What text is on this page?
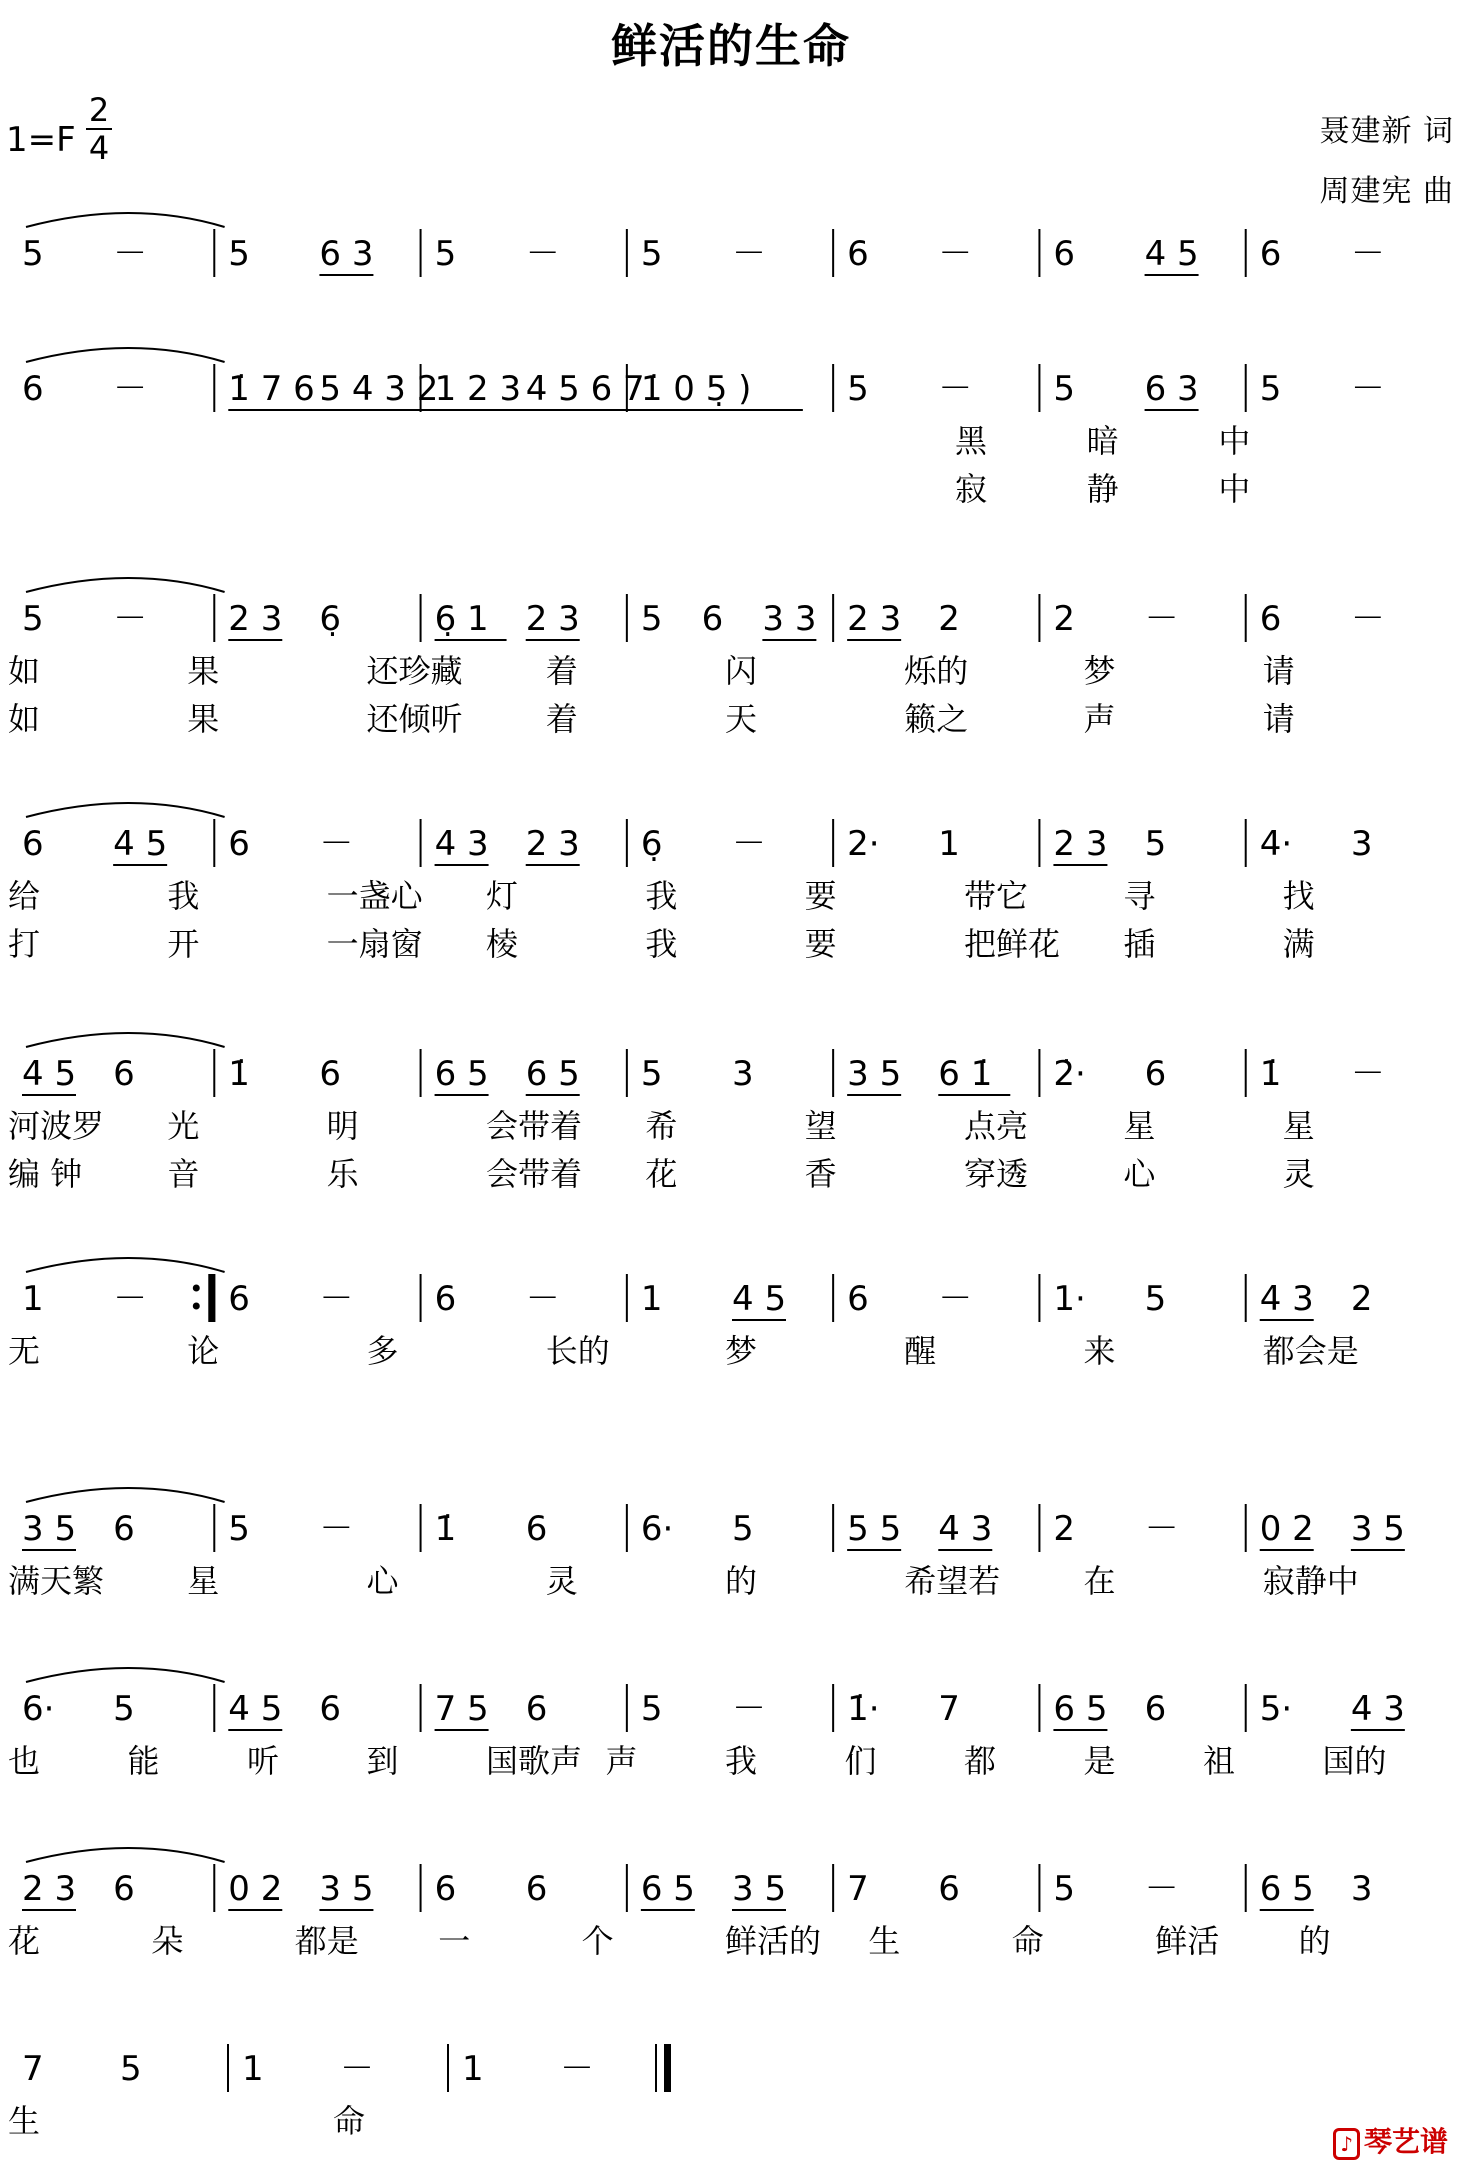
鲜活的生命
1=F
2
4	聂建新 词
周建宪 曲
5 － 5 6 3 5 － 5 － 6 － 6 4 5 6 －
6 － 1̇ 7 6 5 4 3 2
1 2 3 4 5 6 7
1̇ 0 5̣ )	5 － 5 6 3 5 －
黑	暗	中
寂	静	中
5 － 2 3 6̣	6̣ 1 2 3 5 6 3 3 2 3 2	2 － 6 －
如	果	还珍藏	着	闪	烁的	梦	请
如	果	还倾听	着	天	籁之	声	请
6 4 5 6 － 4 3 2 3 6̣ － 2· 1	2 3 5	4· 3
给	我	一盏心 灯	我	要	带它	寻	找
打	开	一扇窗 棱	我	要	把鲜花 插	满
4 5 6	1̇ 6	6 5 6 5 5 3	3 5 6 1̇ 2̇· 6	1̇ －
河波罗 光	明	会带着 希	望	点亮	星	星
编 钟	音	乐	会带着 花	香	穿透	心	灵
1 － 6 － 6 － 1 4 5 6 － 1· 5	4 3 2
无	论	多	长的	梦	醒	来	都会是
3 5 6	5 － 1̇ 6	6· 5	5 5 4 3 2 － 0 2 3 5
满天繁	星	心	灵	的	希望若	在	寂静中
6· 5	4 5 6	7 5 6	5 － 1̇· 7	6 5 6	5· 4 3
也	能	听	到	国歌声 声	我	们	都	是	祖	国的
2 3 6	0 2 3 5 6 6	6 5 3 5 7 6	5 － 6 5 3
花	朵	都是 一	个	鲜活的 生	命	鲜活 的
7 5	1 －	1 －
生	命
♪ 琴艺谱
